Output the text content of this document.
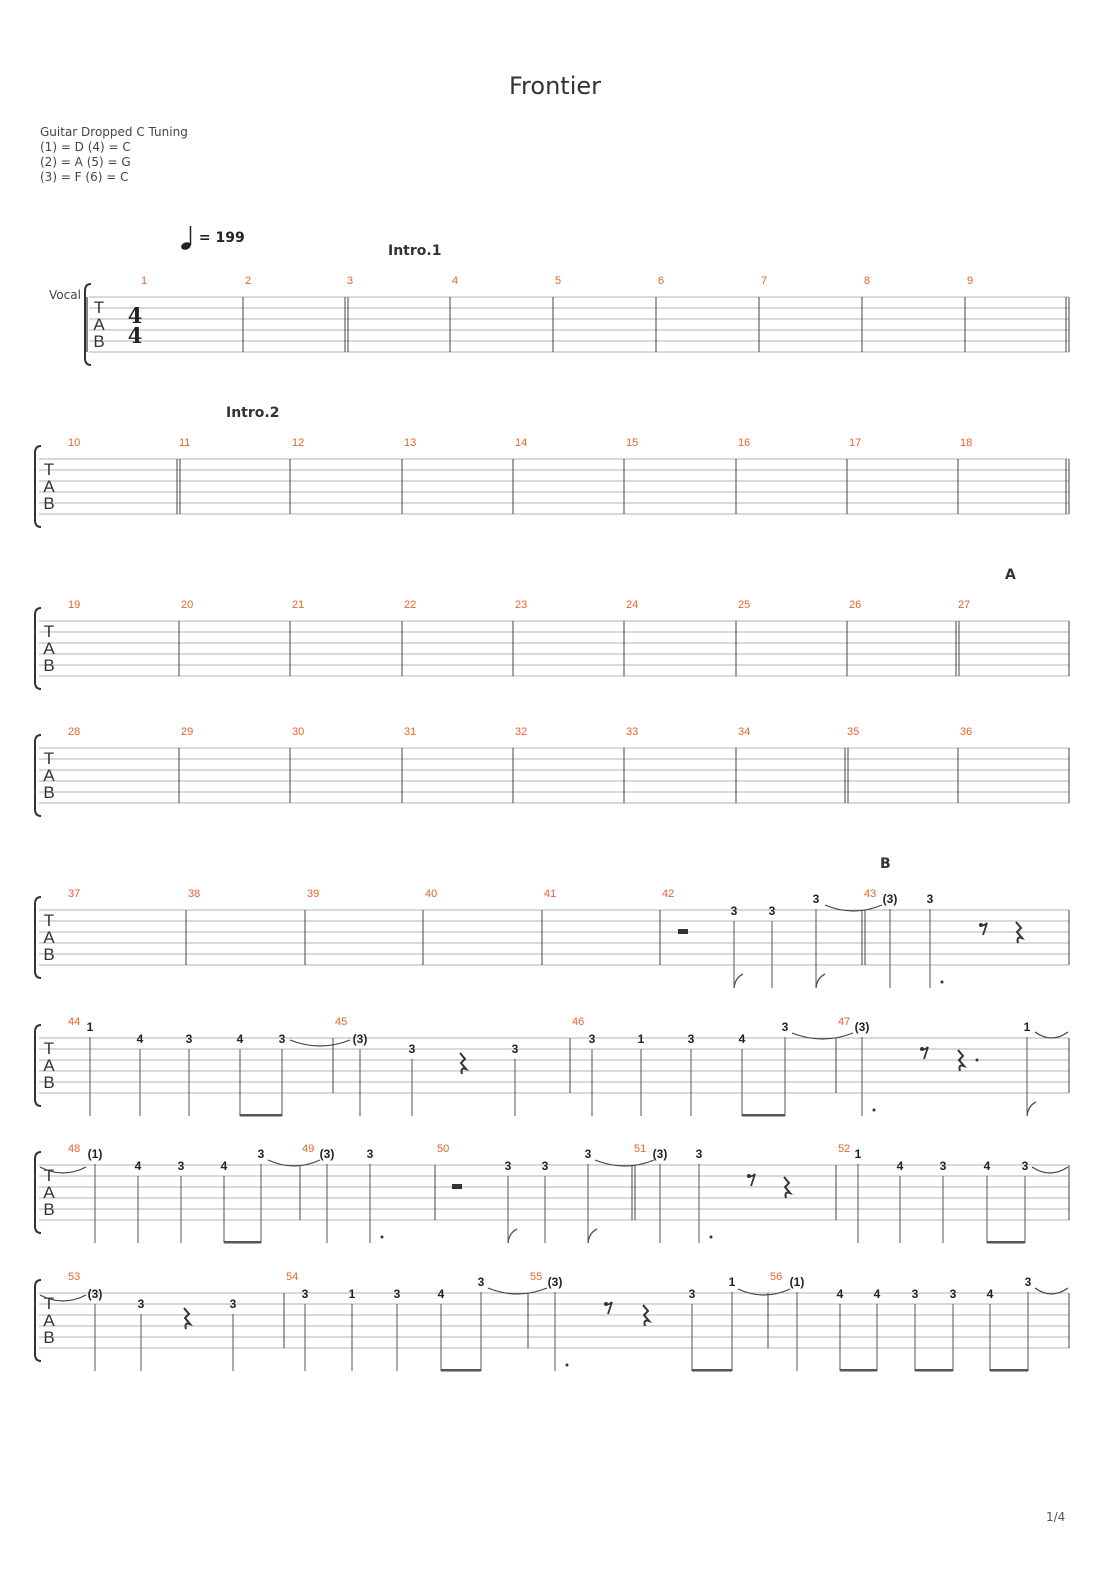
Frontier
Guitar Dropped C Tuning
(1) = D (4) = C
(2) = A (5) = G
(3) = F (6) = C
= 199
Vocal
Intro.1
Intro.2
A
B
T
A
B
4
4
1	2	3	4	5	6	7	8	9
T
A
B
10	11	12	13	14	15	16	17	18
T
A
B
19	20	21	22	23	24	25	26	27
T
A
B
28	29	30	31	32	33	34	35	36
T
A
B
37	38	39	40	41	42	43
T
A
B
44	45	46	47
T
A
B
48	49	50	51	52
T
A
B
53	54	55	56
3	3
3	(3) 3
1
4	3	4	3	(3)
3	3
3	1	3	4
3	(3)	1
(1)
4	3	4
3	(3)	3
3	3
3	(3) 3	1
4	3	4	3
(3)
3	3
3	1	3	4
3	(3)
3
1	(1)
4	4	3	3	4
3
1/4
